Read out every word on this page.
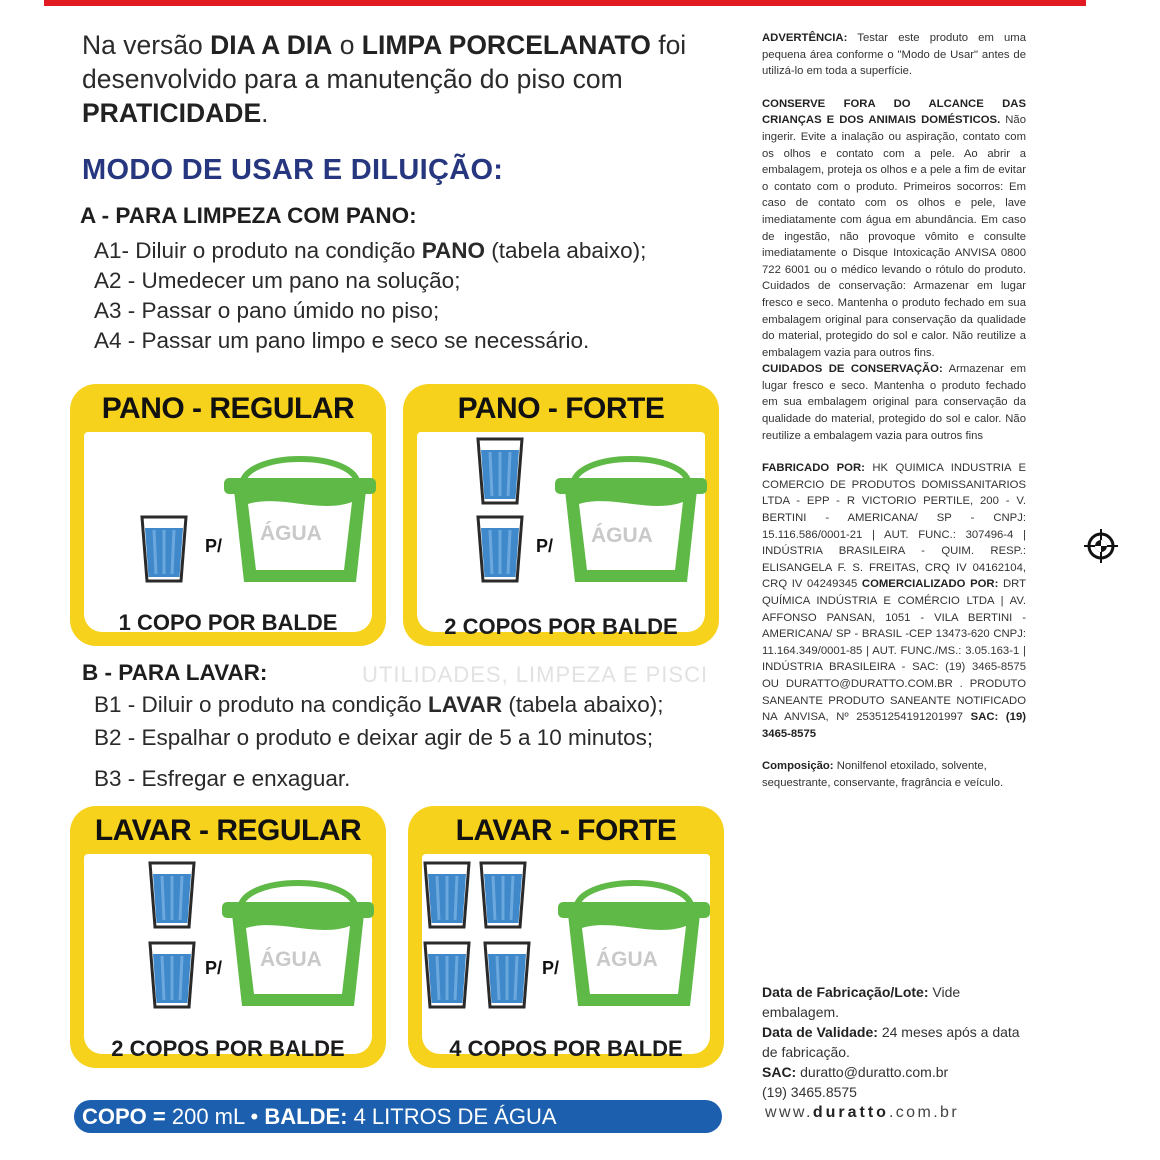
Na versão DIA A DIA o LIMPA PORCELANATO foi desenvolvido para a manutenção do piso com PRATICIDADE.
MODO DE USAR E DILUIÇÃO:
A - PARA LIMPEZA COM PANO:
A1- Diluir o produto na condição PANO (tabela abaixo);
A2 - Umedecer um pano na solução;
A3 - Passar o pano úmido no piso;
A4 - Passar um pano limpo e seco se necessário.
PANO - REGULAR
P/
ÁGUA
1 COPO POR BALDE
PANO - FORTE
P/ ÁGUA
2 COPOS POR BALDE
B - PARA LAVAR:
B1 - Diluir o produto na condição LAVAR (tabela abaixo);
B2 - Espalhar o produto e deixar agir de 5 a 10 minutos;
B3 - Esfregar e enxaguar.
LAVAR - REGULAR
P/ ÁGUA
2 COPOS POR BALDE
LAVAR - FORTE
P/ ÁGUA
4 COPOS POR BALDE
UTILIDADES, LIMPEZA E PISCI
COPO = 200 mL • BALDE: 4 LITROS DE ÁGUA

ADVERTÊNCIA: Testar este produto em uma pequena área conforme o "Modo de Usar" antes de utilizá-lo em toda a superfície.

CONSERVE FORA DO ALCANCE DAS CRIANÇAS E DOS ANIMAIS DOMÉSTICOS. Não ingerir. Evite a inalação ou aspiração, contato com os olhos e contato com a pele. Ao abrir a embalagem, proteja os olhos e a pele a fim de evitar o contato com o produto. Primeiros socorros: Em caso de contato com os olhos e pele, lave imediatamente com água em abundância. Em caso de ingestão, não provoque vômito e consulte imediatamente o Disque Intoxicação ANVISA 0800 722 6001 ou o médico levando o rótulo do produto. Cuidados de conservação: Armazenar em lugar fresco e seco. Mantenha o produto fechado em sua embalagem original para conservação da qualidade do material, protegido do sol e calor. Não reutilize a embalagem vazia para outros fins.
CUIDADOS DE CONSERVAÇÃO: Armazenar em lugar fresco e seco. Mantenha o produto fechado em sua embalagem original para conservação da qualidade do material, protegido do sol e calor. Não reutilize a embalagem vazia para outros fins

FABRICADO POR: HK QUIMICA INDUSTRIA E COMERCIO DE PRODUTOS DOMISSANITARIOS LTDA - EPP - R VICTORIO PERTILE, 200 - V. BERTINI - AMERICANA/ SP - CNPJ: 15.116.586/0001-21 | AUT. FUNC.: 307496-4 | INDÚSTRIA BRASILEIRA - QUIM. RESP.: ELISANGELA F. S. FREITAS, CRQ IV 04162104, CRQ IV 04249345 COMERCIALIZADO POR: DRT QUÍMICA INDÚSTRIA E COMÉRCIO LTDA | AV. AFFONSO PANSAN, 1051 - VILA BERTINI - AMERICANA/ SP - BRASIL -CEP 13473-620 CNPJ: 11.164.349/0001-85 | AUT. FUNC./MS.: 3.05.163-1 | INDÚSTRIA BRASILEIRA - SAC: (19) 3465-8575 OU DURATTO@DURATTO.COM.BR . PRODUTO SANEANTE PRODUTO SANEANTE NOTIFICADO NA ANVISA, Nº 25351254191201997 SAC: (19) 3465-8575

Composição: Nonilfenol etoxilado, solvente, sequestrante, conservante, fragrância e veículo.

Data de Fabricação/Lote: Vide embalagem.
Data de Validade: 24 meses após a data de fabricação.
SAC: duratto@duratto.com.br
(19) 3465.8575
www.duratto.com.br
